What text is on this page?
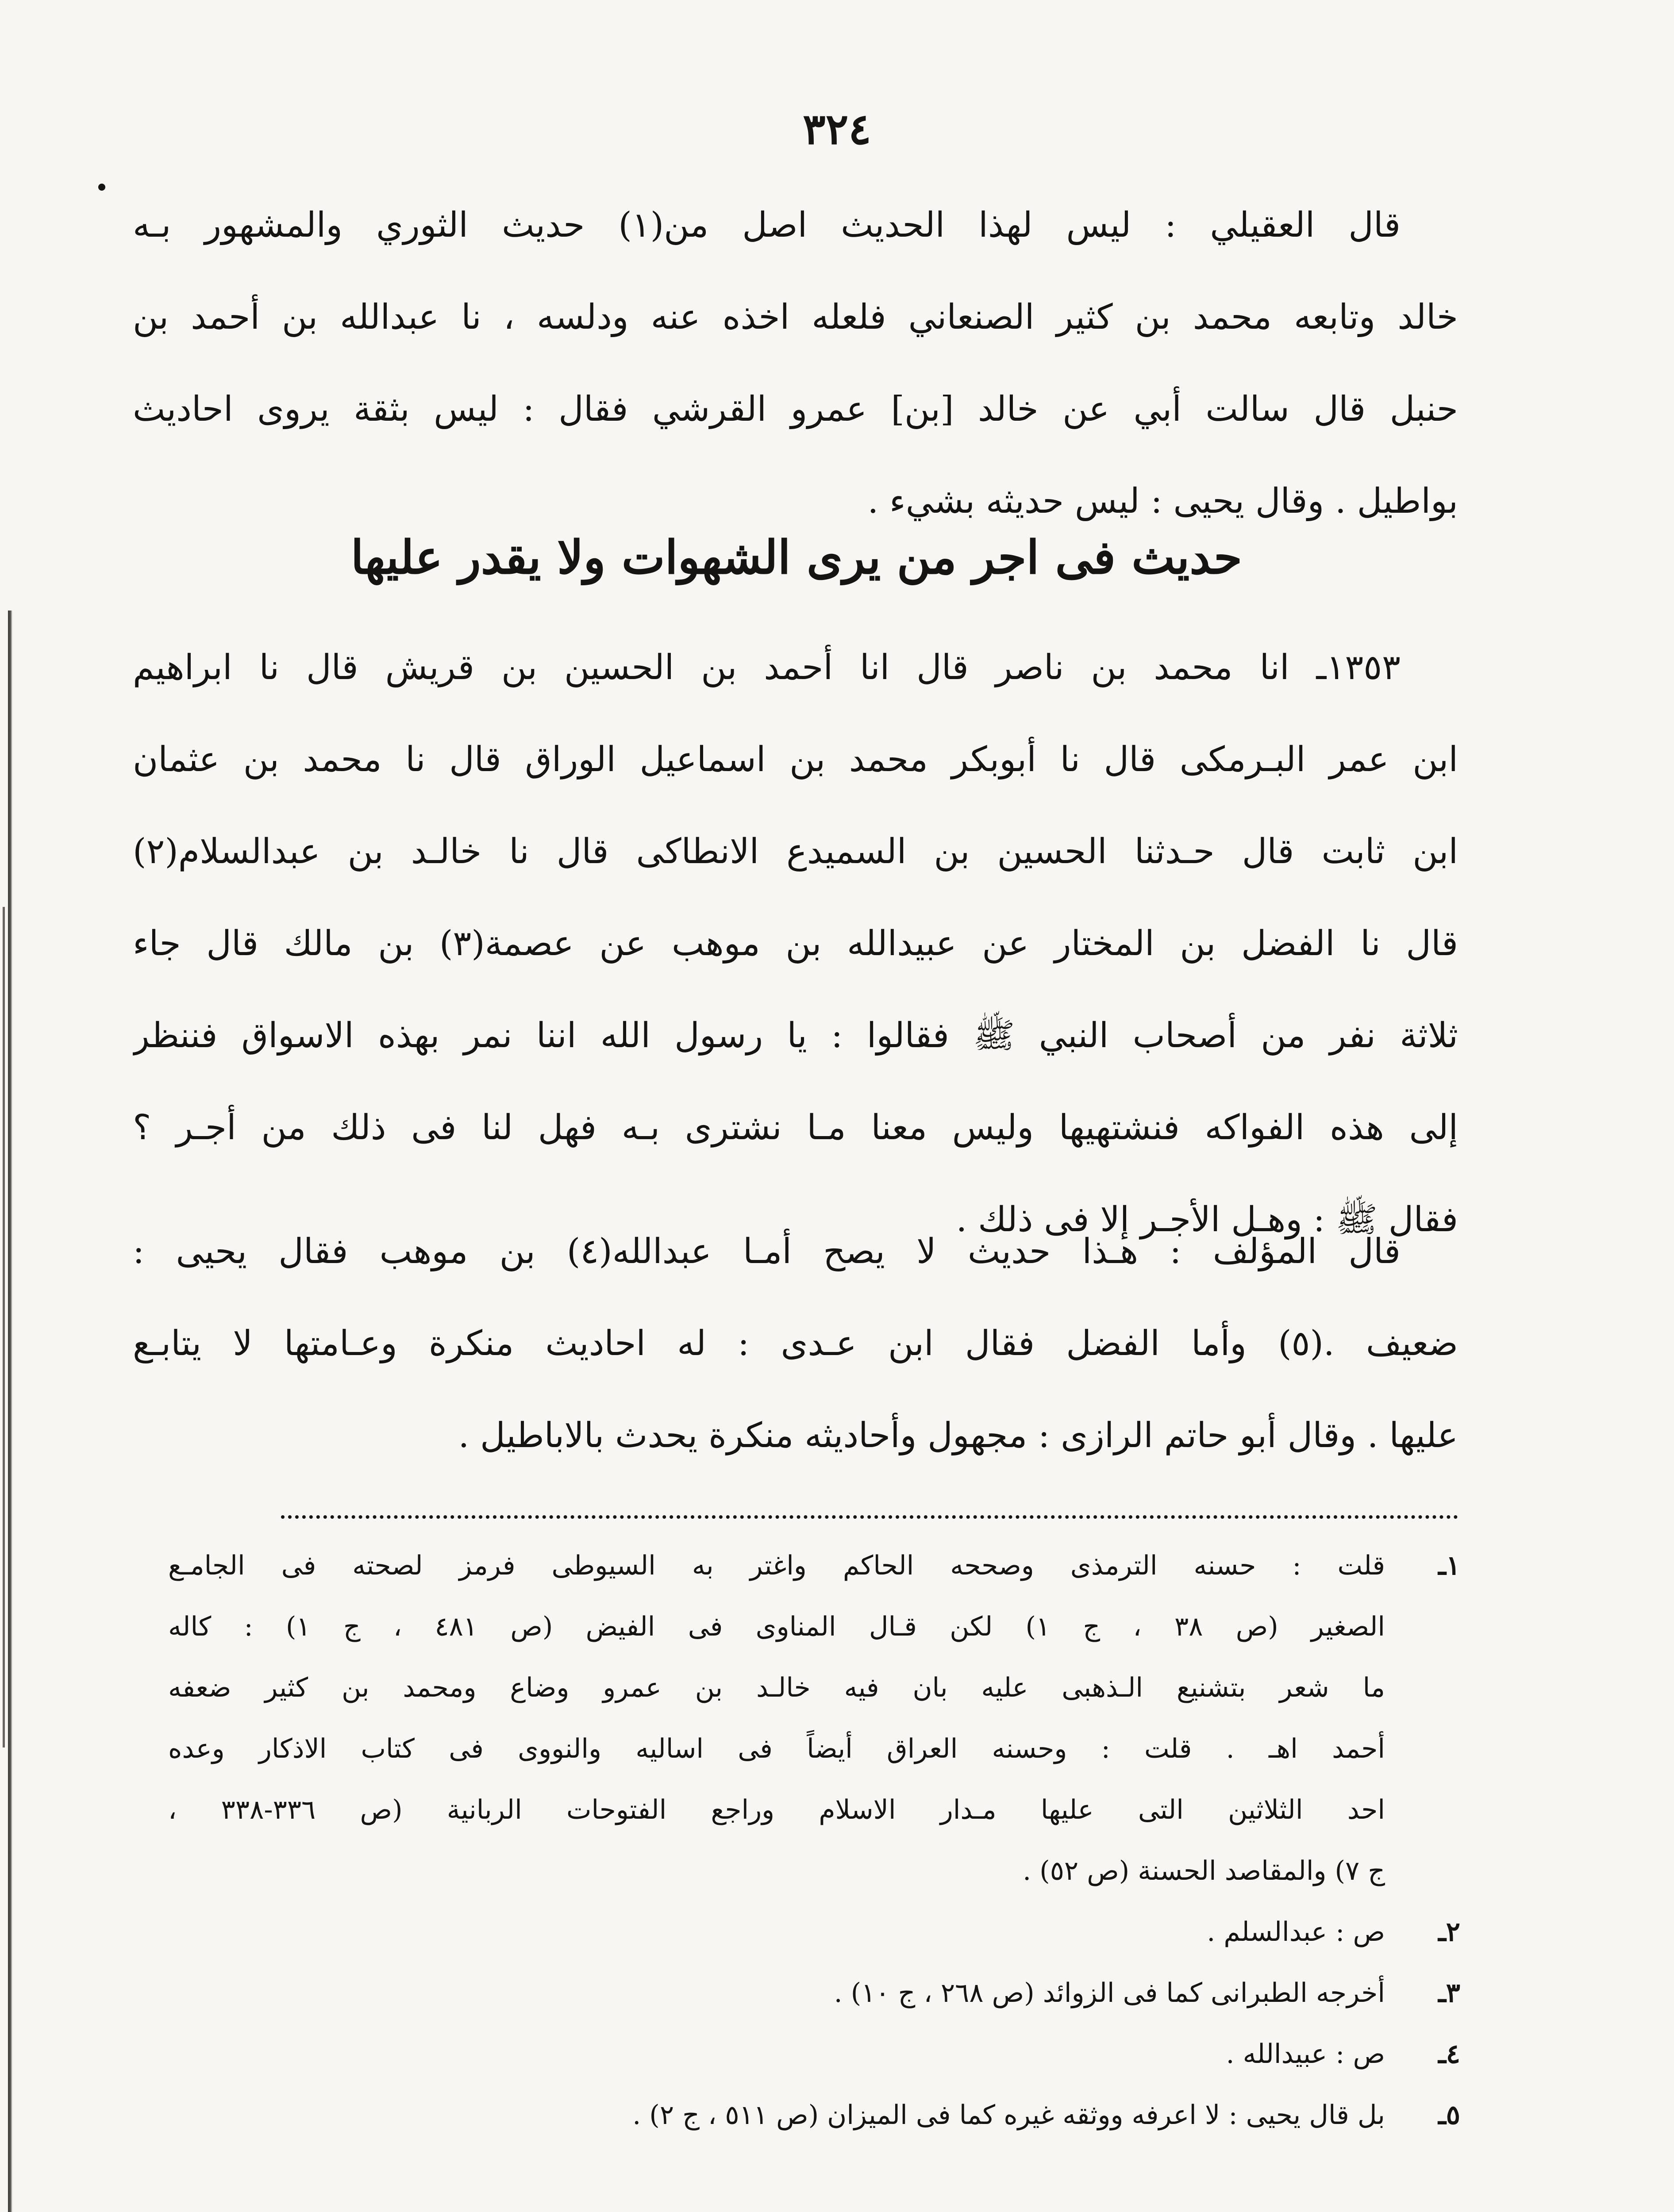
٣٢٤
قال العقيلي : ليس لهذا الحديث اصل من(١) حديث الثوري والمشهور بـه
خالد وتابعه محمد بن كثير الصنعاني فلعله اخذه عنه ودلسه ، نا عبدالله بن أحمد بن
حنبل قال سالت أبي عن خالد [بن] عمرو القرشي فقال : ليس بثقة يروى احاديث
بواطيل . وقال يحيى : ليس حديثه بشيء .
حديث فى اجر من يرى الشهوات ولا يقدر عليها
١٣٥٣ـ انا محمد بن ناصر قال انا أحمد بن الحسين بن قريش قال نا ابراهيم
ابن عمر البـرمكى قال نا أبوبكر محمد بن اسماعيل الوراق قال نا محمد بن عثمان
ابن ثابت قال حـدثنا الحسين بن السميدع الانطاكى قال نا خالـد بن عبدالسلام(٢)
قال نا الفضل بن المختار عن عبيدالله بن موهب عن عصمة(٣) بن مالك قال جاء
ثلاثة نفر من أصحاب النبي ﷺ فقالوا : يا رسول الله اننا نمر بهذه الاسواق فننظر
إلى هذه الفواكه فنشتهيها وليس معنا مـا نشترى بـه فهل لنا فى ذلك من أجـر ؟
فقال ﷺ : وهـل الأجـر إلا فى ذلك .
قال المؤلف : هـذا حديث لا يصح أمـا عبدالله(٤) بن موهب فقال يحيى :
ضعيف .(٥) وأما الفضل فقال ابن عـدى : له احاديث منكرة وعـامتها لا يتابـع
عليها . وقال أبو حاتم الرازى : مجهول وأحاديثه منكرة يحدث بالاباطيل .
١ـقلت : حسنه الترمذى وصححه الحاكم واغتر به السيوطى فرمز لصحته فى الجامـع
الصغير (ص ٣٨ ، ج ١) لكن قـال المناوى فى الفيض (ص ٤٨١ ، ج ١) : كاله
ما شعر بتشنيع الـذهبى عليه بان فيه خالـد بن عمرو وضاع ومحمد بن كثير ضعفه
أحمد اهـ . قلت : وحسنه العراق أيضاً فى اساليه والنووى فى كتاب الاذكار وعده
احد الثلاثين التى عليها مـدار الاسلام وراجع الفتوحات الربانية (ص ٣٣٦-٣٣٨ ،
ج ٧) والمقاصد الحسنة (ص ٥٢) .
٢ـص : عبدالسلم .
٣ـأخرجه الطبرانى كما فى الزوائد (ص ٢٦٨ ، ج ١٠) .
٤ـص : عبيدالله .
٥ـبل قال يحيى : لا اعرفه ووثقه غيره كما فى الميزان (ص ٥١١ ، ج ٢) .
